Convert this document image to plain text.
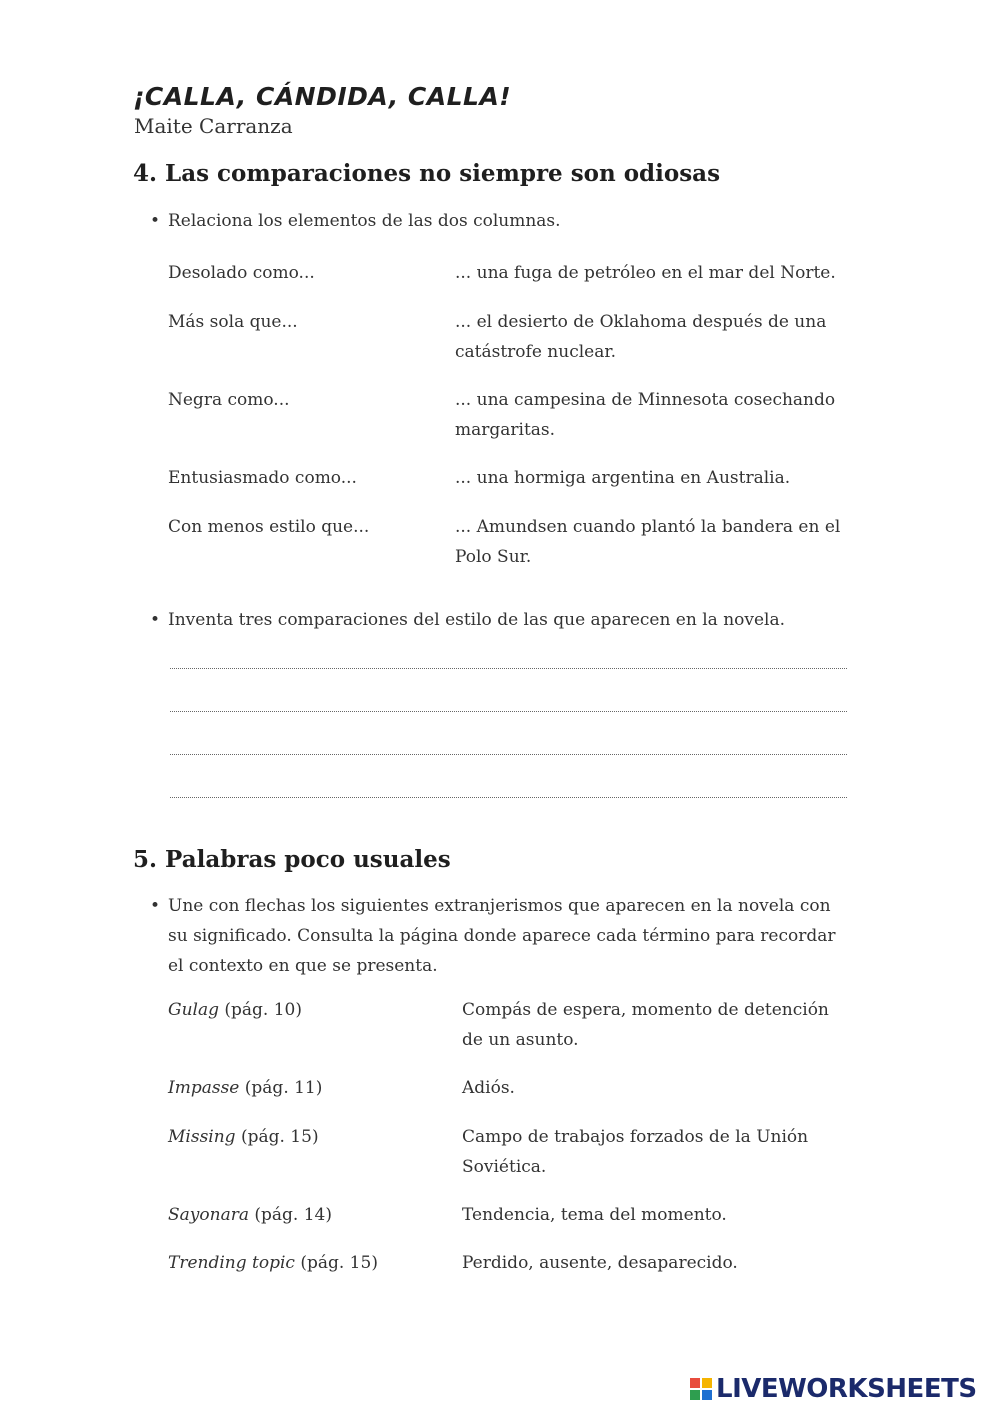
¡CALLA, CÁNDIDA, CALLA!
Maite Carranza
4. Las comparaciones no siempre son odiosas
• Relaciona los elementos de las dos columnas.
Desolado como...	... una fuga de petróleo en el mar del Norte.
Más sola que...	... el desierto de Oklahoma después de una catástrofe nuclear.
Negra como...	... una campesina de Minnesota cosechando margaritas.
Entusiasmado como...	... una hormiga argentina en Australia.
Con menos estilo que...	... Amundsen cuando plantó la bandera en el Polo Sur.
• Inventa tres comparaciones del estilo de las que aparecen en la novela.
5. Palabras poco usuales
• Une con flechas los siguientes extranjerismos que aparecen en la novela con su significado. Consulta la página donde aparece cada término para recordar el contexto en que se presenta.
Gulag (pág. 10)	Compás de espera, momento de detención de un asunto.
Impasse (pág. 11)	Adiós.
Missing (pág. 15)	Campo de trabajos forzados de la Unión Soviética.
Sayonara (pág. 14)	Tendencia, tema del momento.
Trending topic (pág. 15)	Perdido, ausente, desaparecido.
LIVEWORKSHEETS
